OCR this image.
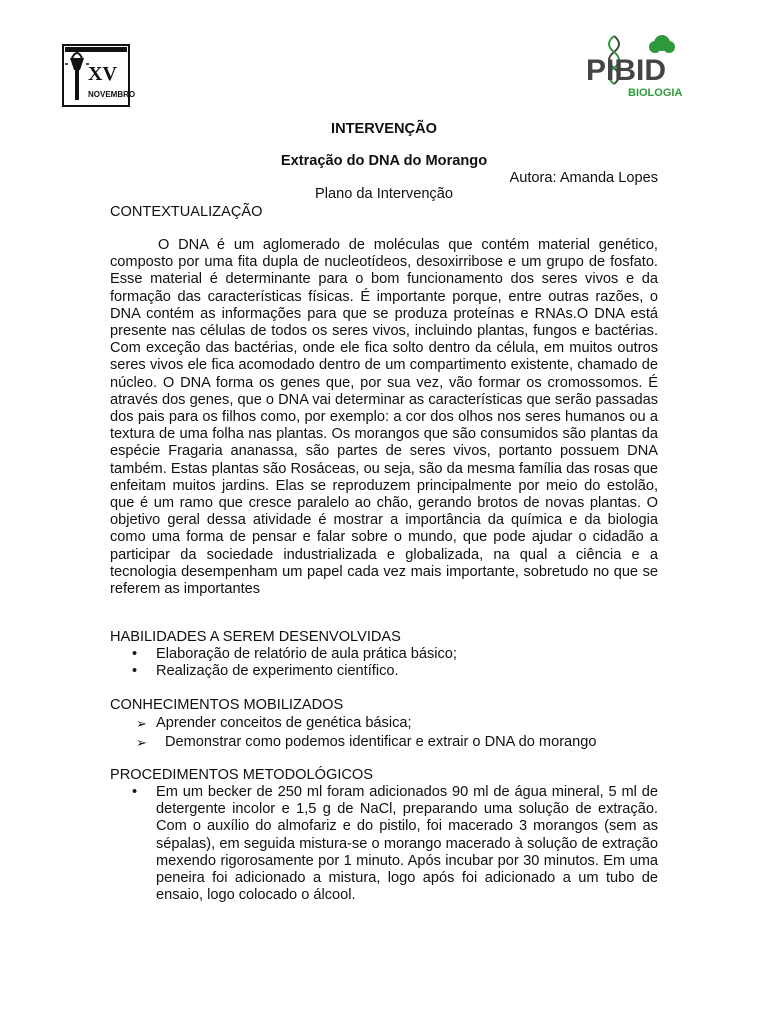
XV
NOVEMBRO
PIBID
BIOLOGIA
INTERVENÇÃO
Extração do DNA do Morango
Autora: Amanda Lopes
Plano da Intervenção
CONTEXTUALIZAÇÃO
O DNA é um aglomerado de moléculas que contém material genético, composto por uma fita dupla de nucleotídeos, desoxirribose e um grupo de fosfato. Esse material é determinante para o bom funcionamento dos seres vivos e da formação das características físicas. É importante porque, entre outras razões, o DNA contém as informações para que se produza proteínas e RNAs.O DNA está presente nas células de todos os seres vivos, incluindo plantas, fungos e bactérias. Com exceção das bactérias, onde ele fica solto dentro da célula, em muitos outros seres vivos ele fica acomodado dentro de um compartimento existente, chamado de núcleo. O DNA forma os genes que, por sua vez, vão formar os cromossomos. É através dos genes, que o DNA vai determinar as características que serão passadas dos pais para os filhos como, por exemplo: a cor dos olhos nos seres humanos ou a textura de uma folha nas plantas. Os morangos que são consumidos são plantas da espécie Fragaria ananassa, são partes de seres vivos, portanto possuem DNA também. Estas plantas são Rosáceas, ou seja, são da mesma família das rosas que enfeitam muitos jardins. Elas se reproduzem principalmente por meio do estolão, que é um ramo que cresce paralelo ao chão, gerando brotos de novas plantas. O objetivo geral dessa atividade é mostrar a importância da química e da biologia como uma forma de pensar e falar sobre o mundo, que pode ajudar o cidadão a participar da sociedade industrializada e globalizada, na qual a ciência e a tecnologia desempenham um papel cada vez mais importante, sobretudo no que se referem as importantes
HABILIDADES A SEREM DESENVOLVIDAS
• Elaboração de relatório de aula prática básico;
• Realização de experimento científico.
CONHECIMENTOS MOBILIZADOS
➢ Aprender conceitos de genética básica;
➢ Demonstrar como podemos identificar e extrair o DNA do morango
PROCEDIMENTOS METODOLÓGICOS
• Em um becker de 250 ml foram adicionados 90 ml de água mineral, 5 ml de detergente incolor e 1,5 g de NaCl, preparando uma solução de extração. Com o auxílio do almofariz e do pistilo, foi macerado 3 morangos (sem as sépalas), em seguida mistura-se o morango macerado à solução de extração mexendo rigorosamente por 1 minuto. Após incubar por 30 minutos. Em uma peneira foi adicionado a mistura, logo após foi adicionado a um tubo de ensaio, logo colocado o álcool.
